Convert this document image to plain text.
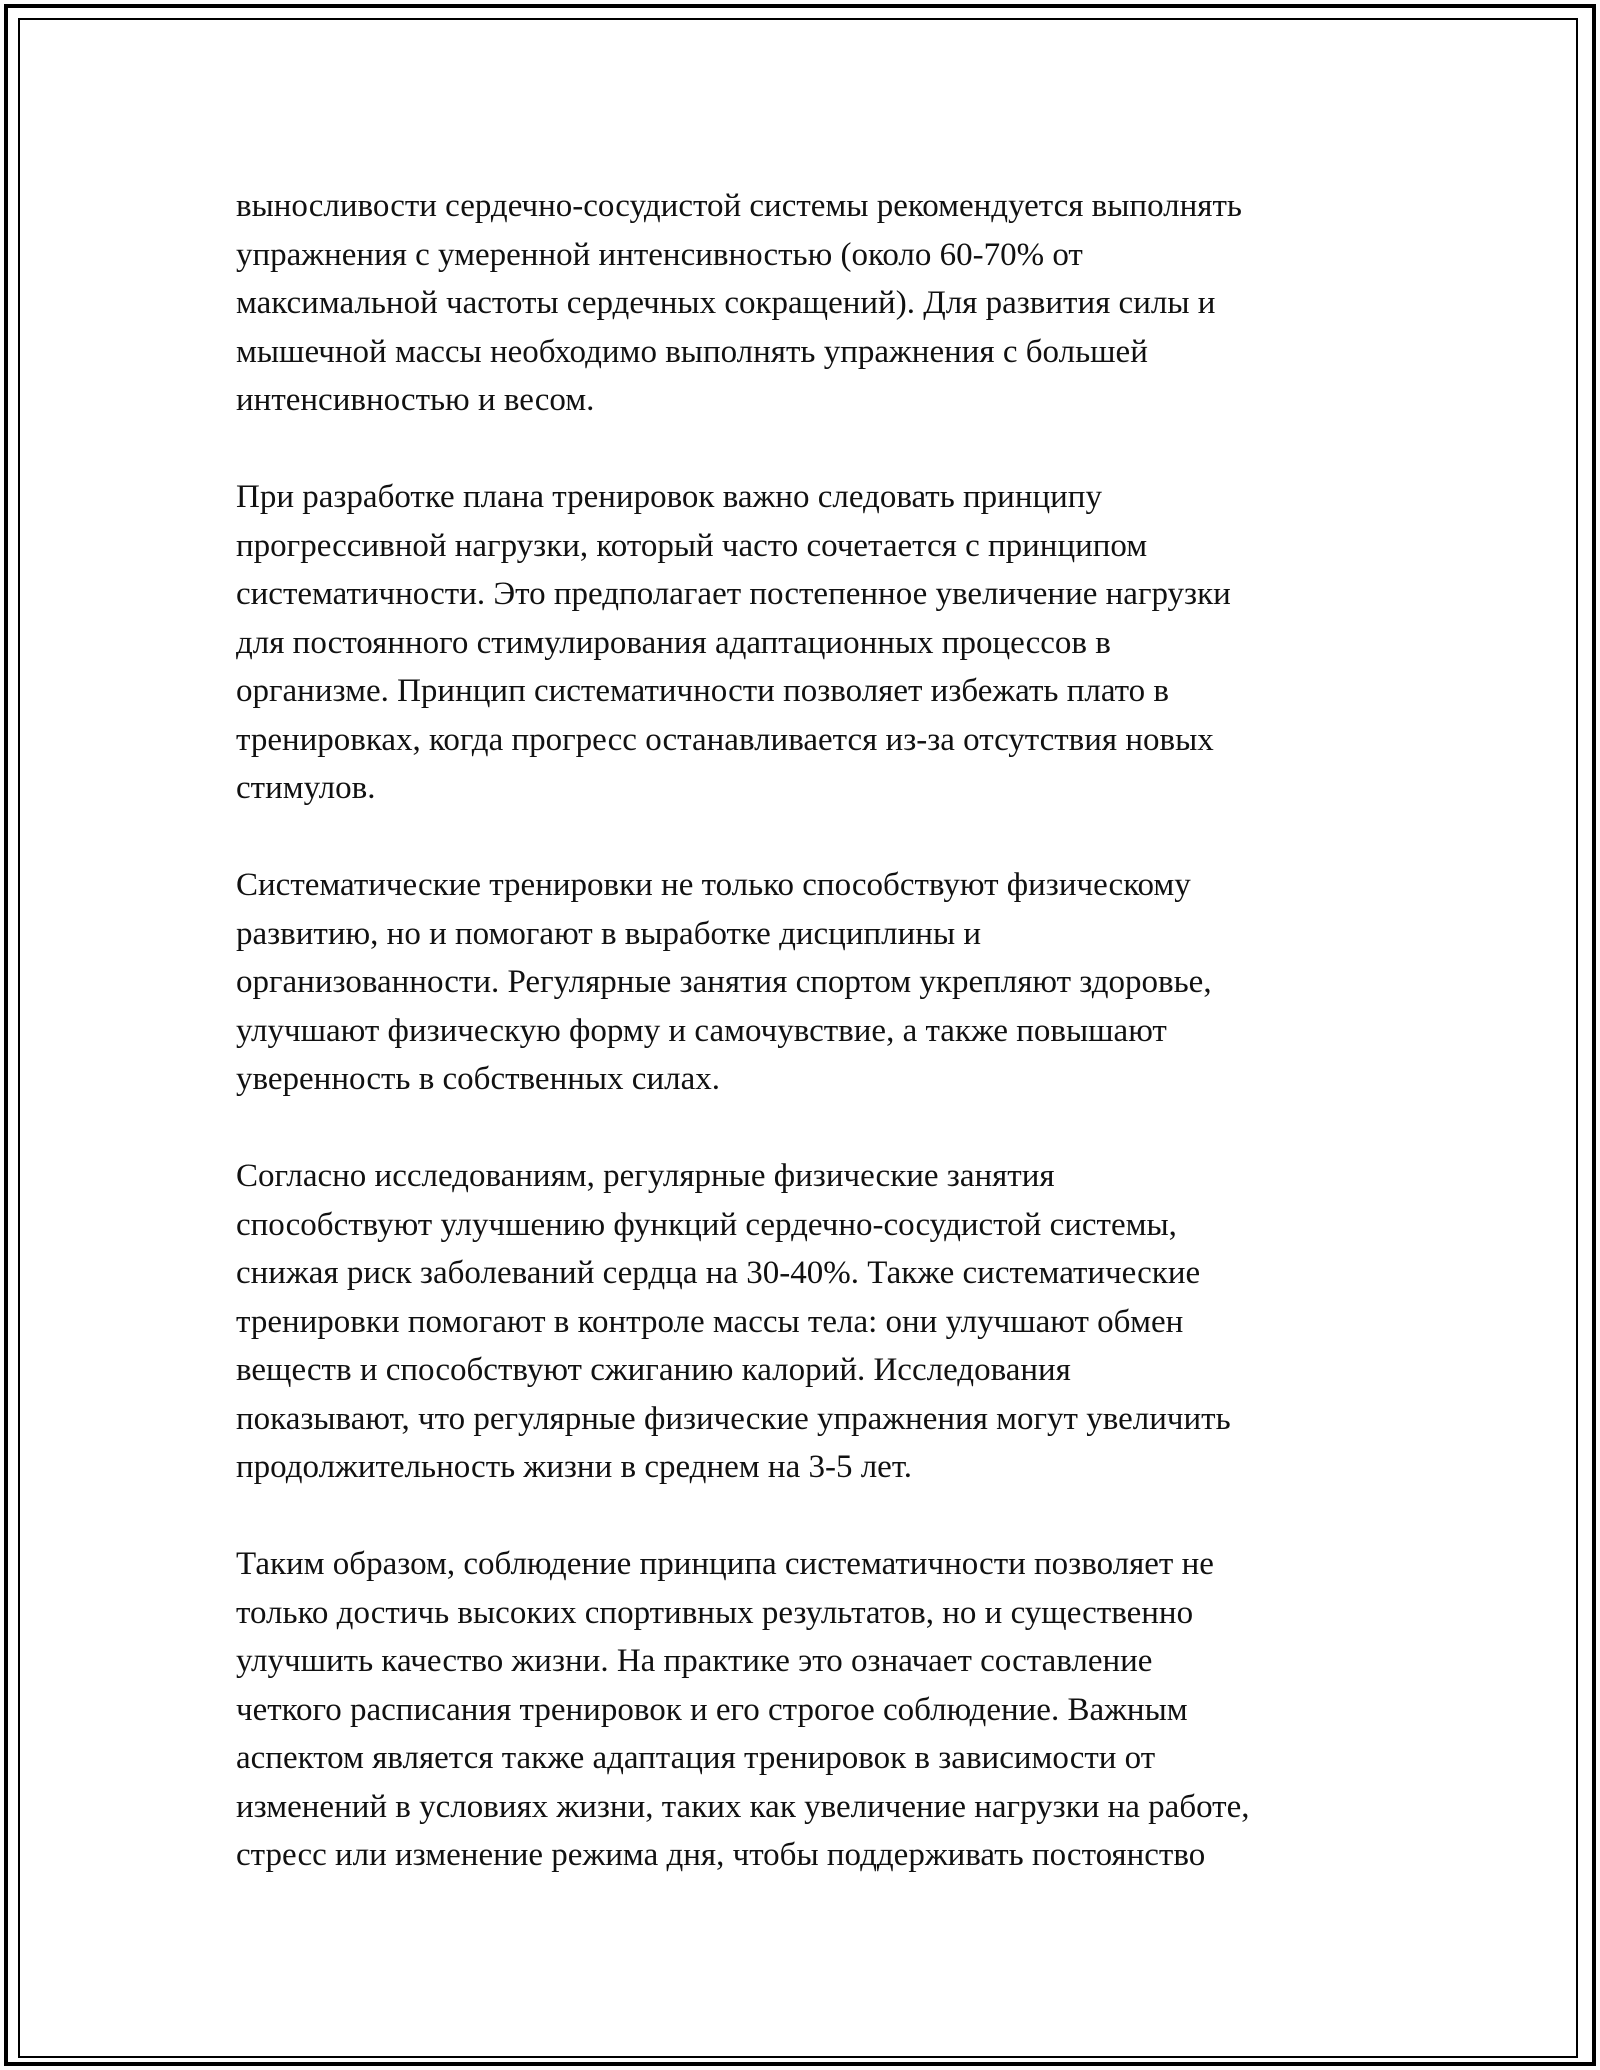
выносливости сердечно-сосудистой системы рекомендуется выполнять
упражнения с умеренной интенсивностью (около 60-70% от
максимальной частоты сердечных сокращений). Для развития силы и
мышечной массы необходимо выполнять упражнения с большей
интенсивностью и весом.

При разработке плана тренировок важно следовать принципу
прогрессивной нагрузки, который часто сочетается с принципом
систематичности. Это предполагает постепенное увеличение нагрузки
для постоянного стимулирования адаптационных процессов в
организме. Принцип систематичности позволяет избежать плато в
тренировках, когда прогресс останавливается из-за отсутствия новых
стимулов.

Систематические тренировки не только способствуют физическому
развитию, но и помогают в выработке дисциплины и
организованности. Регулярные занятия спортом укрепляют здоровье,
улучшают физическую форму и самочувствие, а также повышают
уверенность в собственных силах.

Согласно исследованиям, регулярные физические занятия
способствуют улучшению функций сердечно-сосудистой системы,
снижая риск заболеваний сердца на 30-40%. Также систематические
тренировки помогают в контроле массы тела: они улучшают обмен
веществ и способствуют сжиганию калорий. Исследования
показывают, что регулярные физические упражнения могут увеличить
продолжительность жизни в среднем на 3-5 лет.

Таким образом, соблюдение принципа систематичности позволяет не
только достичь высоких спортивных результатов, но и существенно
улучшить качество жизни. На практике это означает составление
четкого расписания тренировок и его строгое соблюдение. Важным
аспектом является также адаптация тренировок в зависимости от
изменений в условиях жизни, таких как увеличение нагрузки на работе,
стресс или изменение режима дня, чтобы поддерживать постоянство
